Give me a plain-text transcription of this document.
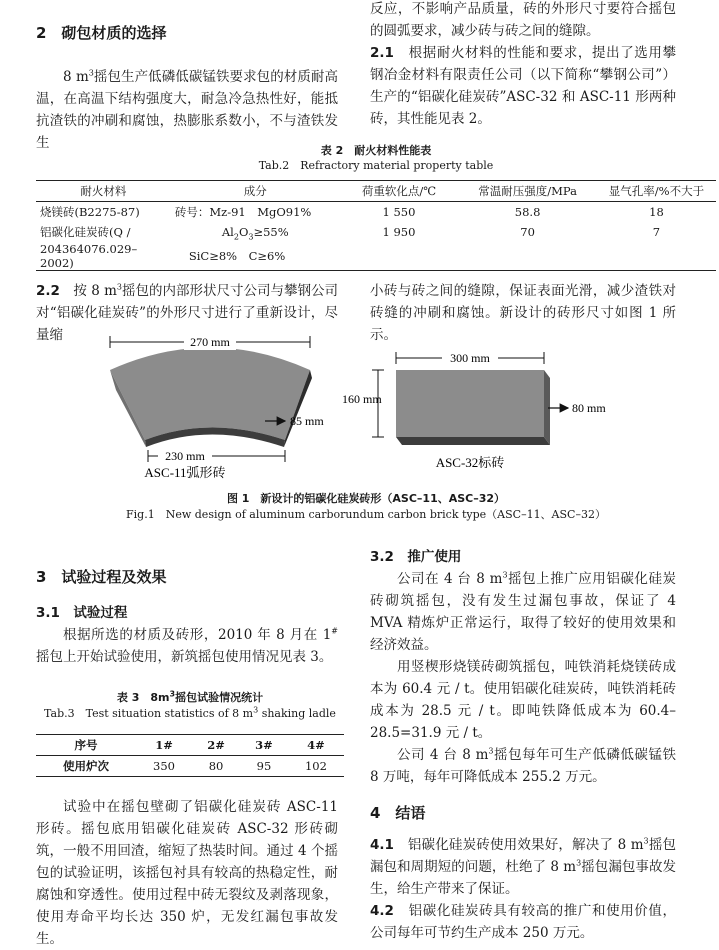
2　砌包材质的选择

8 $m^3$摇包生产低磷低碳锰铁要求包的材质耐高温，在高温下结构强度大，耐急冷急热性好，能抵抗渣铁的冲刷和腐蚀，热膨胀系数小，不与渣铁发生

反应，不影响产品质量，砖的外形尺寸要符合摇包的圆弧要求，减少砖与砖之间的缝隙。

2.1　 根据耐火材料的性能和要求，提出了选用攀钢冶金材料有限责任公司（以下简称“攀钢公司”）生产的“铝碳化硅炭砖”ASC-32 和 ASC-11 形两种砖，其性能见表 2。

表 2　耐火材料性能表
Tab.2　Refractory material property table
耐火材料	成分	荷重软化点/℃	常温耐压强度/MPa	显气孔率/%不大于
烧镁砖(B2275-87)	砖号：Mz-91　MgO91%	1 550	58.8	18
铝碳化硅炭砖(Q /	$Al_2O_3\ge 55\%$	1 950	70	7
204364076.029–2002)	SiC≥8%　C≥6%			

2.2　 按 8 $m^3$摇包的内部形状尺寸公司与攀钢公司对“铝碳化硅炭砖”的外形尺寸进行了重新设计，尽量缩

小砖与砖之间的缝隙，保证表面光滑，减少渣铁对砖缝的冲刷和腐蚀。新设计的砖形尺寸如图 1 所示。

270 mm
85 mm
230 mm
ASC-11弧形砖
300 mm
160 mm
80 mm
ASC-32标砖
图 1　新设计的铝碳化硅炭砖形（ASC–11、ASC–32）
Fig.1　New design of aluminum carborundum carbon brick type（ASC–11、ASC–32）
3　试验过程及效果
3.1　试验过程

根据所选的材质及砖形，2010 年 8 月在 1#摇包上开始试验使用，新筑摇包使用情况见表 3。

表 3　$8m^3$摇包试验情况统计
Tab.3　Test situation statistics of 8 $m^3$ shaking ladle
序号	1#	2#	3#	4#
使用炉次	350	80	95	102

试验中在摇包壁砌了铝碳化硅炭砖 ASC-11 形砖。摇包底用铝碳化硅炭砖 ASC-32 形砖砌筑，一般不用回渣，缩短了热装时间。通过 4 个摇包的试验证明，该摇包衬具有较高的热稳定性，耐腐蚀和穿透性。使用过程中砖无裂纹及剥落现象，使用寿命平均长达 350 炉，无发红漏包事故发生。

3.2　推广使用

公司在 4 台 8 $m^3$摇包上推广应用铝碳化硅炭砖砌筑摇包，没有发生过漏包事故，保证了 4 MVA 精炼炉正常运行，取得了较好的使用效果和经济效益。

用竖楔形烧镁砖砌筑摇包，吨铁消耗烧镁砖成本为 60.4 元 / t。使用铝碳化硅炭砖，吨铁消耗砖成本为 28.5 元 / t。即吨铁降低成本为 60.4–28.5=31.9 元 / t。

公司 4 台 8 $m^3$摇包每年可生产低磷低碳锰铁 8 万吨，每年可降低成本 255.2 万元。

4　结语

4.1　 铝碳化硅炭砖使用效果好，解决了 8 $m^3$摇包漏包和周期短的问题，杜绝了 8 $m^3$摇包漏包事故发生，给生产带来了保证。

4.2　 铝碳化硅炭砖具有较高的推广和使用价值，公司每年可节约生产成本 250 万元。
